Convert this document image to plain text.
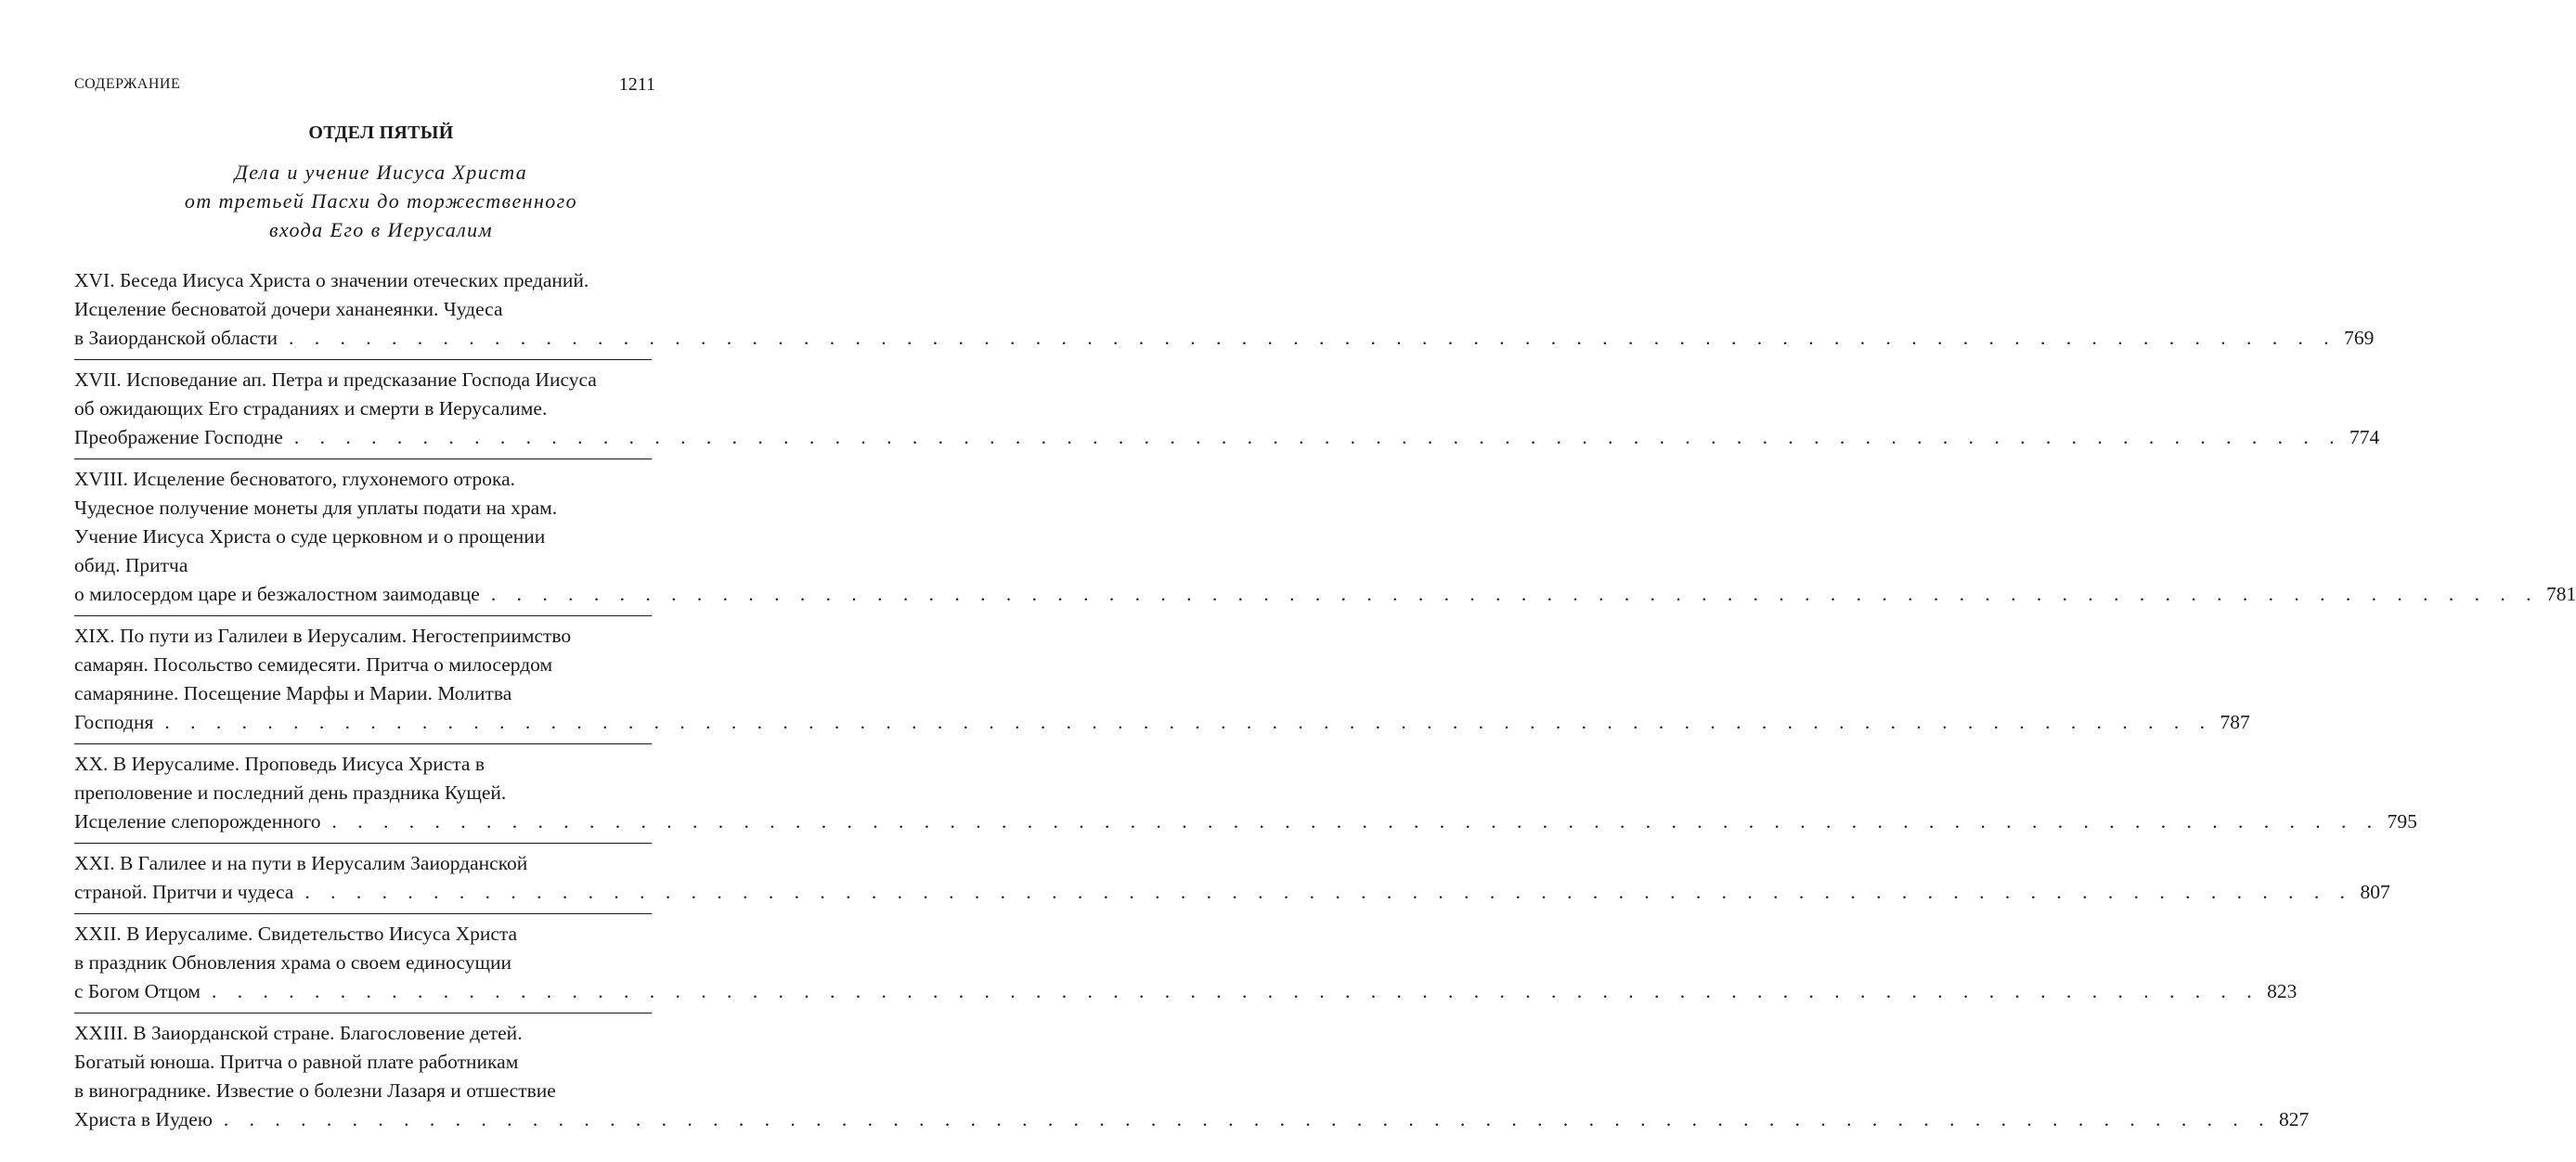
СОДЕРЖАНИЕ	1211
ОТДЕЛ ПЯТЫЙ
Дела и учение Иисуса Христа
от третьей Пасхи до торжественного
входа Его в Иерусалим
XVI. Беседа Иисуса Христа о значении отеческих преданий.
Исцеление бесноватой дочери хананеянки. Чудеса
в Заиорданской области . . . . . . . . . . . . . . . . . . . . . . . . . . . . . . . . . . . . . . . . . . . . . . . . . . . . . . . . . . . . . . . . . . . . . . . . . . . . . . . . 769
XVII. Исповедание ап. Петра и предсказание Господа Иисуса
об ожидающих Его страданиях и смерти в Иерусалиме.
Преображение Господне . . . . . . . . . . . . . . . . . . . . . . . . . . . . . . . . . . . . . . . . . . . . . . . . . . . . . . . . . . . . . . . . . . . . . . . . . . . . . . . . 774
XVIII. Исцеление бесноватого, глухонемого отрока.
Чудесное получение монеты для уплаты подати на храм.
Учение Иисуса Христа о суде церковном и о прощении
обид. Притча
о милосердом царе и безжалостном заимодавце . . . . . . . . . . . . . . . . . . . . . . . . . . . . . . . . . . . . . . . . . . . . . . . . . . . . . . . . . . . . . . . . . . . . . . . . . . . . . . . . 781
XIX. По пути из Галилеи в Иерусалим. Негостеприимство
самарян. Посольство семидесяти. Притча о милосердом
самарянине. Посещение Марфы и Марии. Молитва
Господня . . . . . . . . . . . . . . . . . . . . . . . . . . . . . . . . . . . . . . . . . . . . . . . . . . . . . . . . . . . . . . . . . . . . . . . . . . . . . . . . 787
XX. В Иерусалиме. Проповедь Иисуса Христа в
преполовение и последний день праздника Кущей.
Исцеление слепорожденного . . . . . . . . . . . . . . . . . . . . . . . . . . . . . . . . . . . . . . . . . . . . . . . . . . . . . . . . . . . . . . . . . . . . . . . . . . . . . . . . 795
XXI. В Галилее и на пути в Иерусалим Заиорданской
страной. Притчи и чудеса . . . . . . . . . . . . . . . . . . . . . . . . . . . . . . . . . . . . . . . . . . . . . . . . . . . . . . . . . . . . . . . . . . . . . . . . . . . . . . . . 807
XXII. В Иерусалиме. Свидетельство Иисуса Христа
в праздник Обновления храма о своем единосущии
с Богом Отцом . . . . . . . . . . . . . . . . . . . . . . . . . . . . . . . . . . . . . . . . . . . . . . . . . . . . . . . . . . . . . . . . . . . . . . . . . . . . . . . . 823
XXIII. В Заиорданской стране. Благословение детей.
Богатый юноша. Притча о равной плате работникам
в винограднике. Известие о болезни Лазаря и отшествие
Христа в Иудею . . . . . . . . . . . . . . . . . . . . . . . . . . . . . . . . . . . . . . . . . . . . . . . . . . . . . . . . . . . . . . . . . . . . . . . . . . . . . . . . 827
